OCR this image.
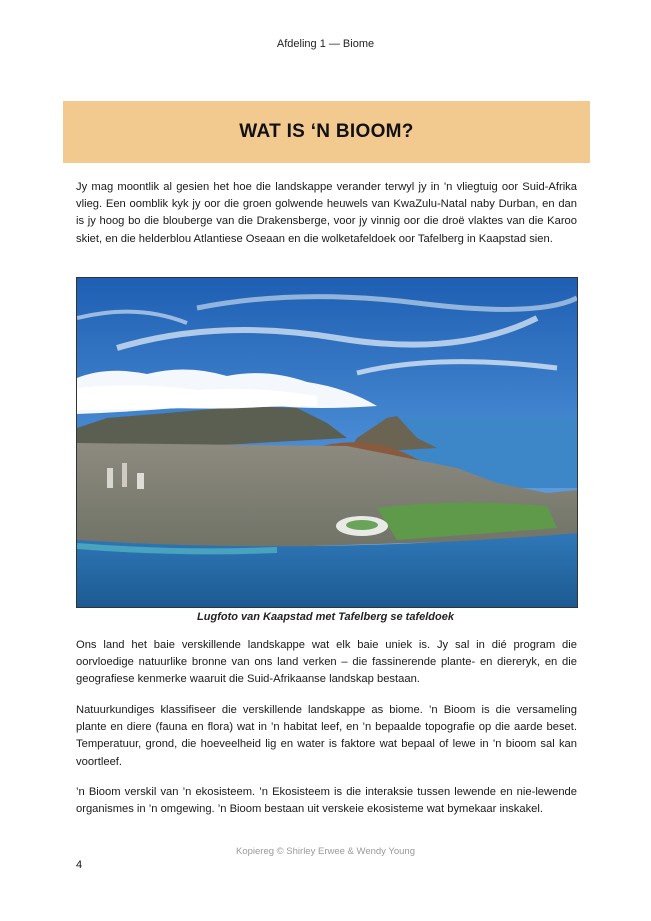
Afdeling 1 — Biome
WAT IS ‘N BIOOM?

Jy mag moontlik al gesien het hoe die landskappe verander terwyl jy in ’n vliegtuig oor Suid-Afrika vlieg. Een oomblik kyk jy oor die groen golwende heuwels van KwaZulu-Natal naby Durban, en dan is jy hoog bo die blouberge van die Drakensberge, voor jy vinnig oor die droë vlaktes van die Karoo skiet, en die helderblou Atlantiese Oseaan en die wolketafeldoek oor Tafelberg in Kaapstad sien.

Lugfoto van Kaapstad met Tafelberg se tafeldoek

Ons land het baie verskillende landskappe wat elk baie uniek is. Jy sal in dié program die oorvloedige natuurlike bronne van ons land verken – die fassinerende plante- en diereryk, en die geografiese kenmerke waaruit die Suid-Afrikaanse landskap bestaan.

Natuurkundiges klassifiseer die verskillende landskappe as biome. ’n Bioom is die versameling plante en diere (fauna en flora) wat in ’n habitat leef, en ’n bepaalde topografie op die aarde beset. Temperatuur, grond, die hoeveelheid lig en water is faktore wat bepaal of lewe in ’n bioom sal kan voortleef.

’n Bioom verskil van ’n ekosisteem. ’n Ekosisteem is die interaksie tussen lewende en nie-lewende organismes in ’n omgewing. ’n Bioom bestaan uit verskeie ekosisteme wat bymekaar inskakel.

Kopiereg © Shirley Erwee & Wendy Young
4
